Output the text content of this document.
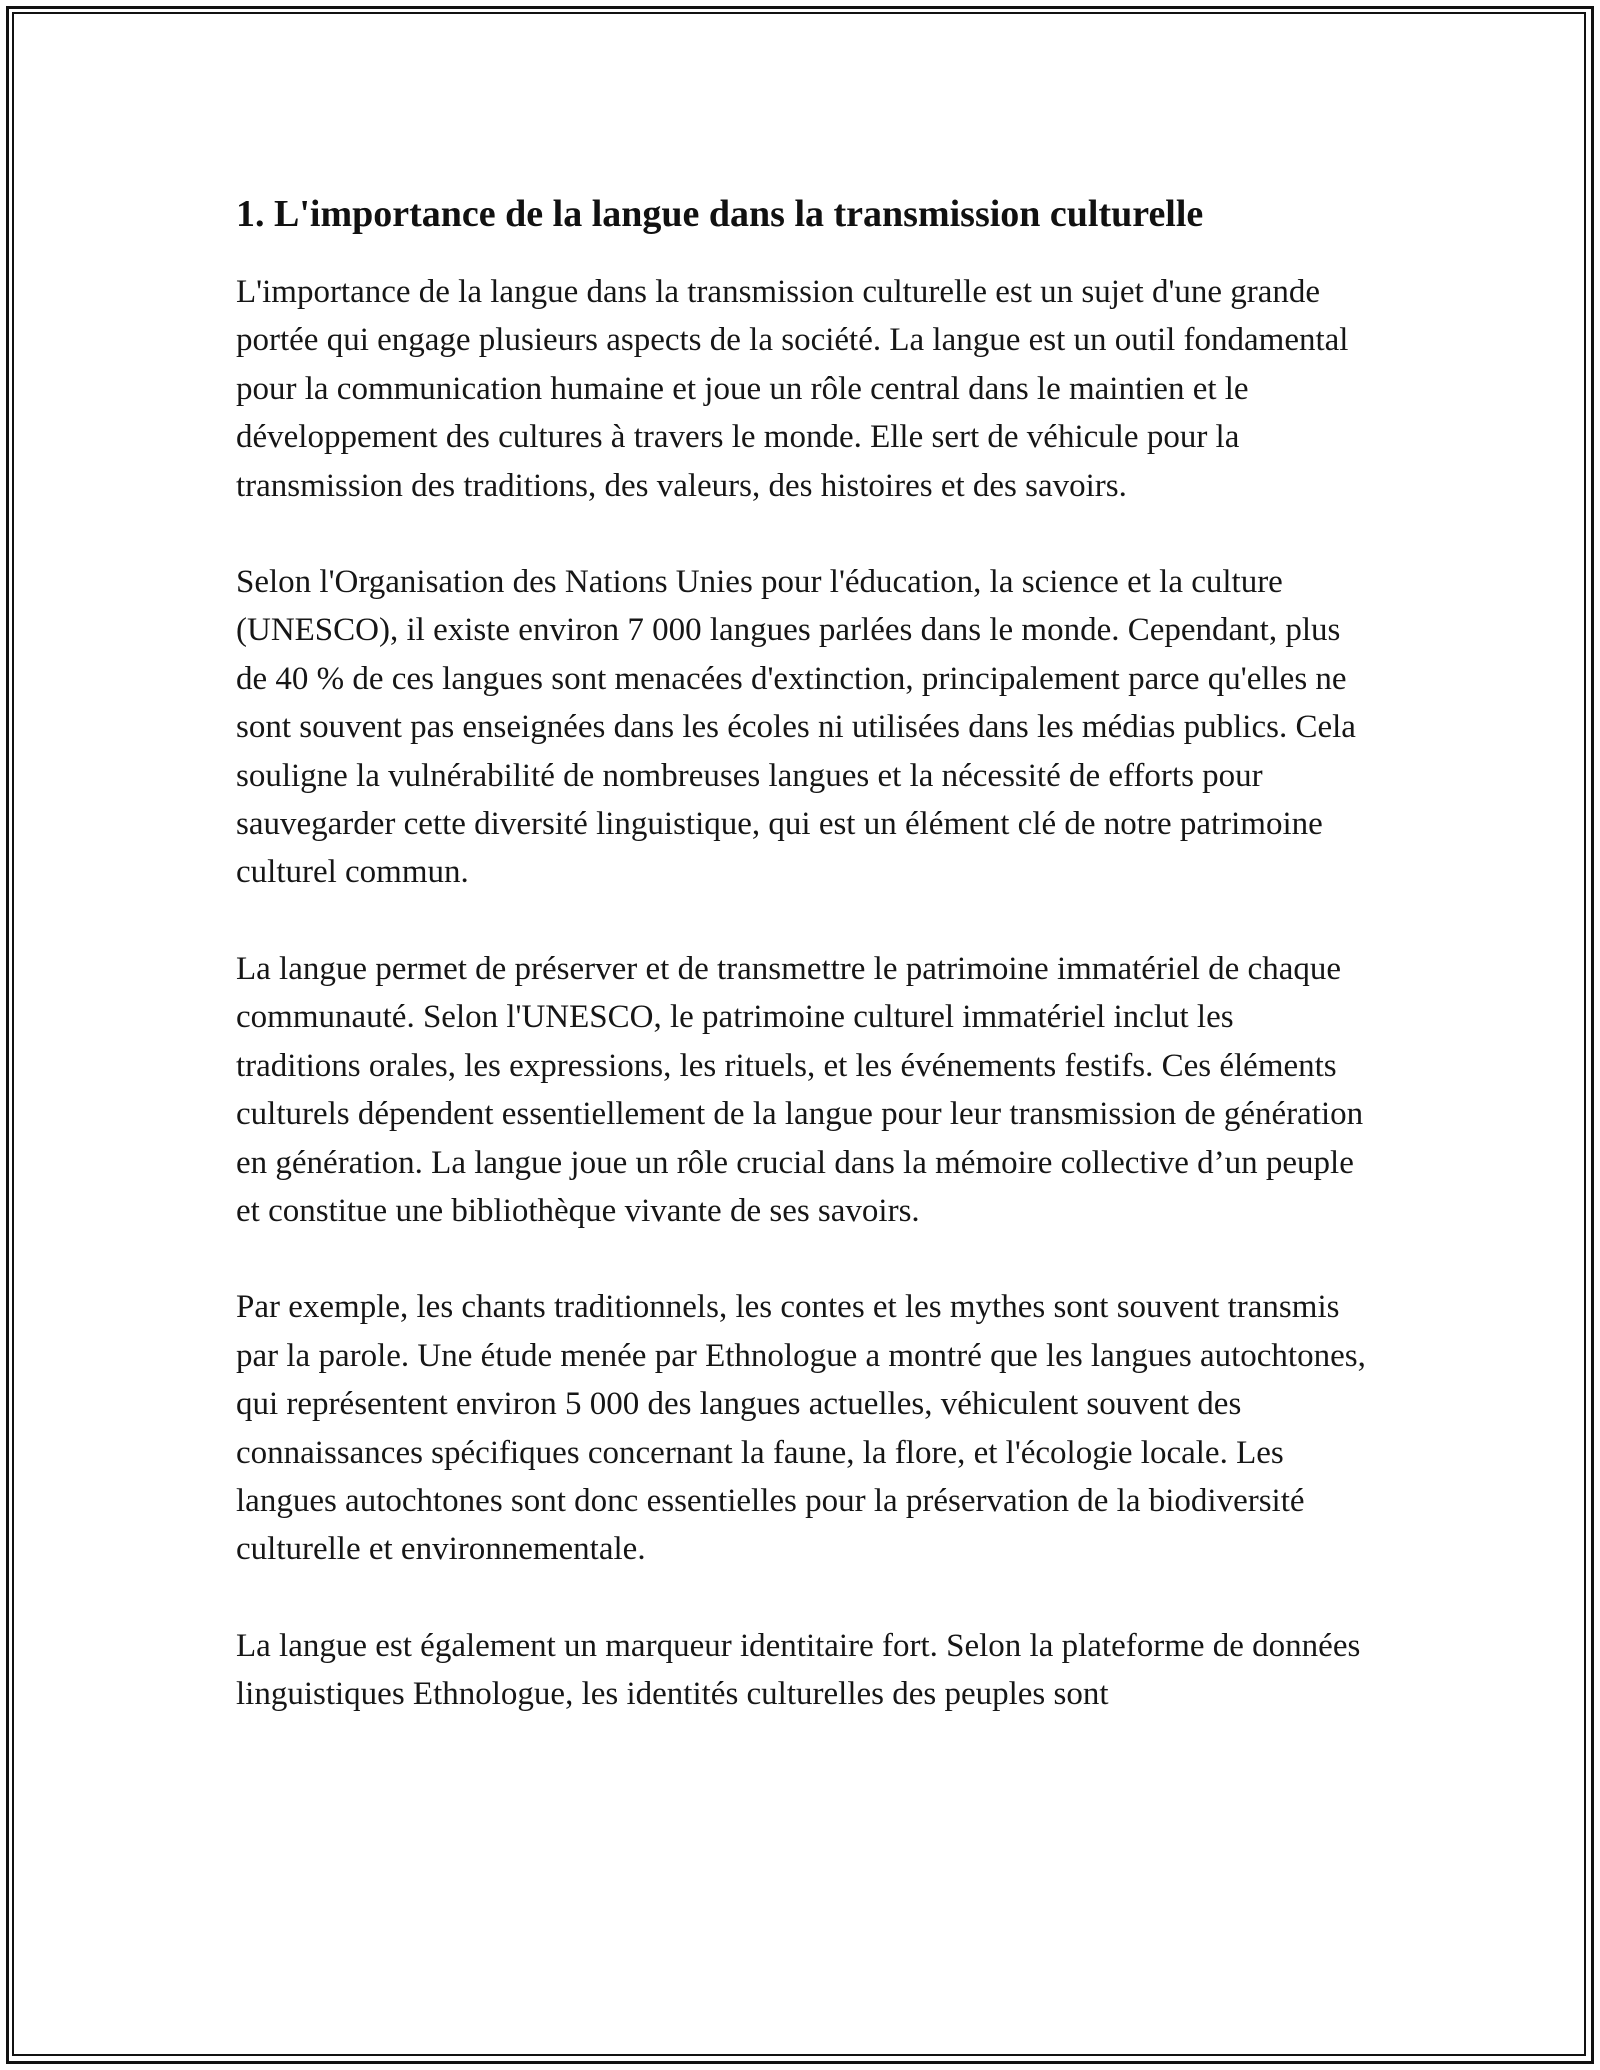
1. L'importance de la langue dans la transmission culturelle

L'importance de la langue dans la transmission culturelle est un sujet d'une grande portée qui engage plusieurs aspects de la société. La langue est un outil fondamental pour la communication humaine et joue un rôle central dans le maintien et le développement des cultures à travers le monde. Elle sert de véhicule pour la transmission des traditions, des valeurs, des histoires et des savoirs.

Selon l'Organisation des Nations Unies pour l'éducation, la science et la culture (UNESCO), il existe environ 7 000 langues parlées dans le monde. Cependant, plus de 40 % de ces langues sont menacées d'extinction, principalement parce qu'elles ne sont souvent pas enseignées dans les écoles ni utilisées dans les médias publics. Cela souligne la vulnérabilité de nombreuses langues et la nécessité de efforts pour sauvegarder cette diversité linguistique, qui est un élément clé de notre patrimoine culturel commun.

La langue permet de préserver et de transmettre le patrimoine immatériel de chaque communauté. Selon l'UNESCO, le patrimoine culturel immatériel inclut les traditions orales, les expressions, les rituels, et les événements festifs. Ces éléments culturels dépendent essentiellement de la langue pour leur transmission de génération en génération. La langue joue un rôle crucial dans la mémoire collective d’un peuple et constitue une bibliothèque vivante de ses savoirs.

Par exemple, les chants traditionnels, les contes et les mythes sont souvent transmis par la parole. Une étude menée par Ethnologue a montré que les langues autochtones, qui représentent environ 5 000 des langues actuelles, véhiculent souvent des connaissances spécifiques concernant la faune, la flore, et l'écologie locale. Les langues autochtones sont donc essentielles pour la préservation de la biodiversité culturelle et environnementale.

La langue est également un marqueur identitaire fort. Selon la plateforme de données linguistiques Ethnologue, les identités culturelles des peuples sont
